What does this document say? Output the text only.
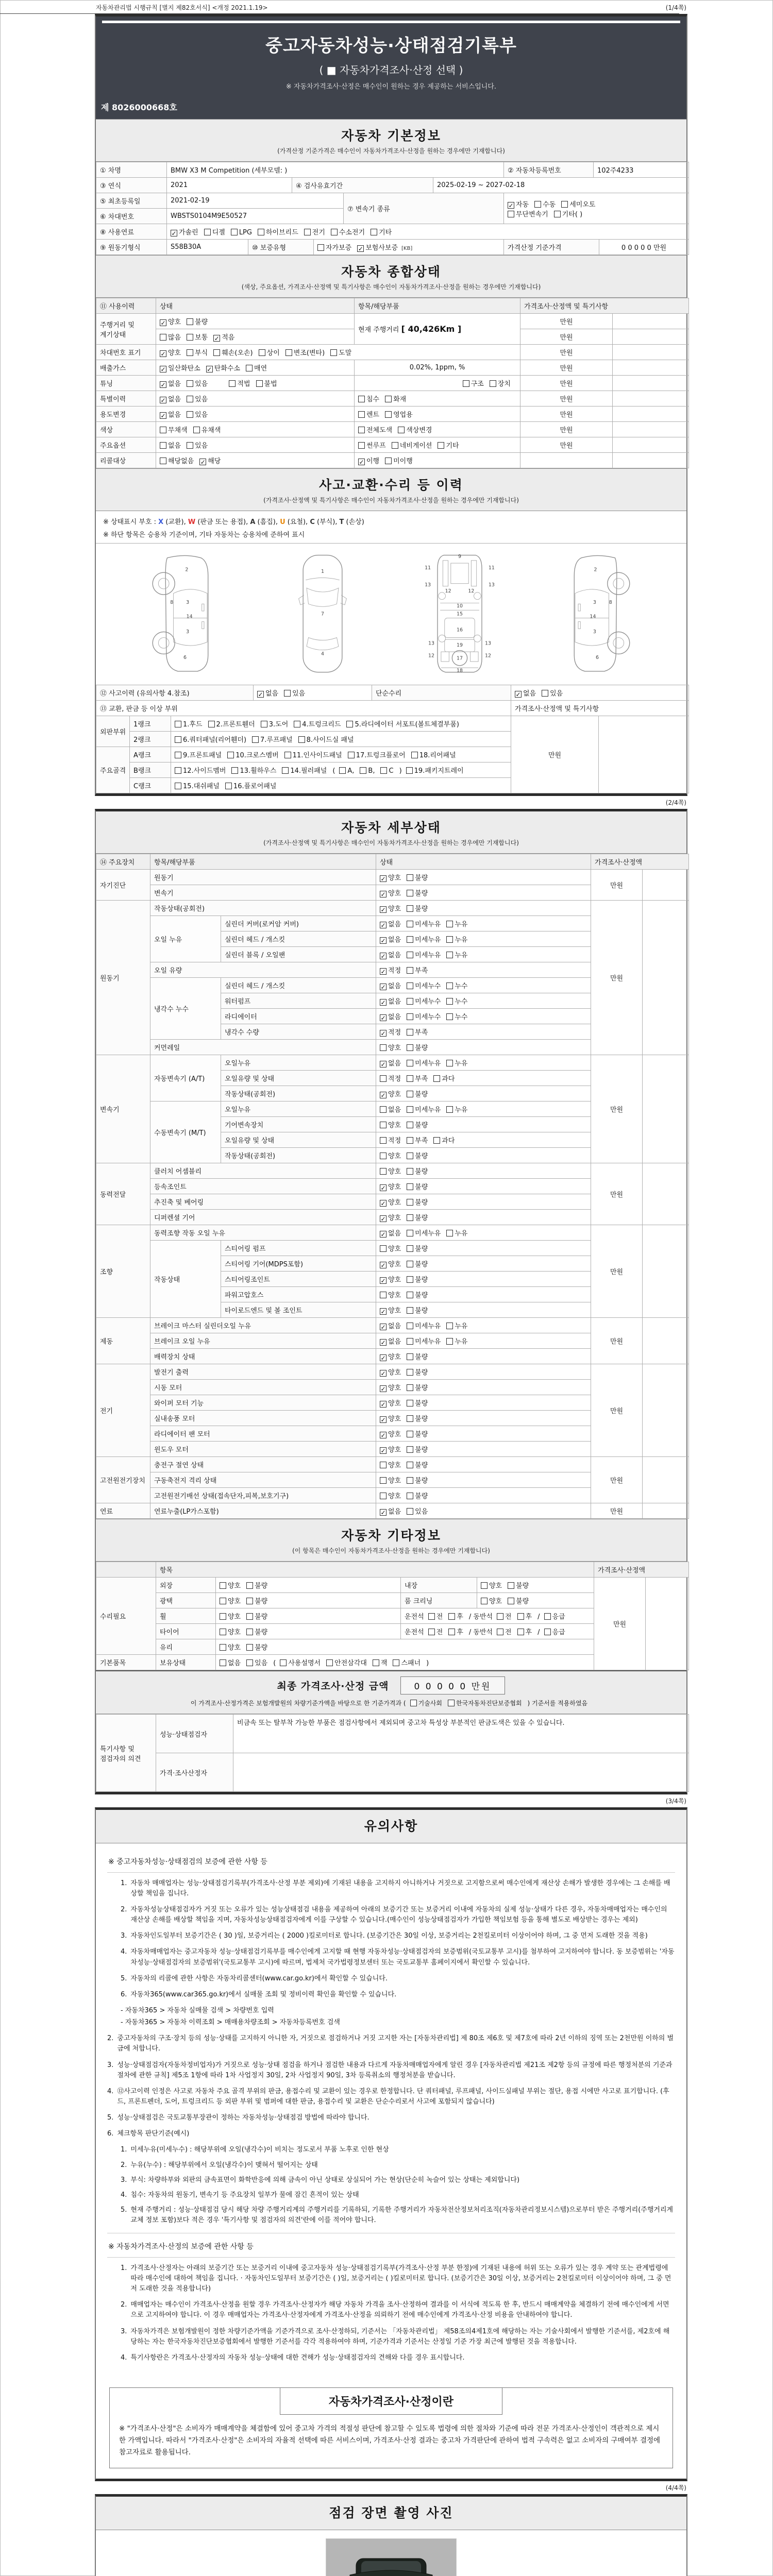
자동차관리법 시행규칙 [별지 제82호서식] <개정 2021.1.19>	(1/4쪽)
중고자동차성능·상태점검기록부
( ■ 자동차가격조사·산정 선택 )
※ 자동차가격조사·산정은 매수인이 원하는 경우 제공하는 서비스입니다.
제 8026000668호
자동차 기본정보
(가격산정 기준가격은 매수인이 자동차가격조사·산정을 원하는 경우에만 기재합니다)
① 차명	BMW X3 M Competition (세부모델: )	② 자동차등록번호	102주4233
③ 연식	2021	④ 검사유효기간	2025-02-19 ~ 2027-02-18
⑤ 최초등록일	2021-02-19	⑦ 변속기 종류	
✓자동 수동 세미오토
무단변속기 기타( )

⑥ 차대번호	WBSTS0104M9E50527		
⑧ 사용연료	✓가솔린 디젤 LPG 하이브리드 전기 수소전기 기타
⑨ 원동기형식	S58B30A	⑩ 보증유형	자가보증 ✓ 보험사보증 [KB]	가격산정 기준가격	0 0 0 0 0 만원
자동차 종합상태
(색상, 주요옵션, 가격조사·산정액 및 특기사항은 매수인이 자동차가격조사·산정을 원하는 경우에만 기재합니다)
⑪ 사용이력	상태	항목/해당부품	가격조사·산정액 및 특기사항	
주행거리 및 계기상태	✓양호 불량	현재 주행거리 [ 40,426Km ]	만원	
	많음 보통 ✓ 적음		만원	
차대번호 표기	✓양호 부식 훼손(오손) 상이 변조(변타) 도말		만원	
배출가스	✓일산화탄소 ✓ 탄화수소 매연	0.02%, 1ppm, %	만원	
튜닝	✓없음 있음 적법 불법	구조 장치	만원	
특별이력	✓없음 있음	침수 화재	만원	
용도변경	✓없음 있음	렌트 영업용	만원	
색상	무채색 유채색	전체도색 색상변경	만원	
주요옵션	없음 있음	썬루프 네비게이션 기타	만원	
리콜대상	해당없음 ✓ 해당	✓이행 미이행		
사고·교환·수리 등 이력
(가격조사·산정액 및 특기사항은 매수인이 자동차가격조사·산정을 원하는 경우에만 기재합니다)
※ 상태표시 부호 : X (교환), W (판금 또는 용접), A (흠집), U (요철), C (부식), T (손상)
※ 하단 항목은 승용차 기준이며, 기타 자동차는 승용차에 준하여 표시
2
8 3
14
3
6
1
7
4
9
11	11
13	13
12	12
10
15
16
19
13	13
12	12
17
18
2
8
3
14
3
6
⑫ 사고이력 (유의사항 4.참조)	✓없음 있음	단순수리	✓없음 있음
⑬ 교환, 판금 등 이상 부위			가격조사·산정액 및 특기사항	
외판부위	1랭크	1.후드 2.프론트휀더 3.도어 4.트렁크리드 5.라디에이터 서포트(볼트체결부품)	만원	
	2랭크	6.쿼터패널(리어휀더) 7.루프패널 8.사이드실 패널		
주요골격	A랭크	9.프론트패널 10.크로스멤버 11.인사이드패널 17.트렁크플로어 18.리어패널		
	B랭크	12.사이드멤버 13.휠하우스 14.필러패널 ( A, B, C ) 19.패키지트레이		
	C랭크	15.대쉬패널 16.플로어패널		
(2/4쪽)
자동차 세부상태
(가격조사·산정액 및 특기사항은 매수인이 자동차가격조사·산정을 원하는 경우에만 기재합니다)
⑭ 주요장치	항목/해당부품		상태	가격조사·산정액	
자기진단	원동기	✓양호 불량	만원	
	변속기	✓양호 불량
원동기	작동상태(공회전)	✓양호 불량	만원	
	오일 누유	실린더 커버(로커암 커버)	✓없음 미세누유 누유
		실린더 헤드 / 개스킷	✓없음 미세누유 누유
		실린더 블록 / 오일팬	✓없음 미세누유 누유
	오일 유량	✓적정 부족
	냉각수 누수	실린더 헤드 / 개스킷	✓없음 미세누수 누수
		워터펌프	✓없음 미세누수 누수
		라디에이터	✓없음 미세누수 누수
		냉각수 수량	✓적정 부족
	커먼레일		양호 불량		
변속기	자동변속기 (A/T)	오일누유	✓없음 미세누유 누유	만원	
		오일유량 및 상태	적정 부족 과다		
		작동상태(공회전)	✓양호 불량
	수동변속기 (M/T)	오일누유	없음 미세누유 누유		
		기어변속장치	양호 불량		
		오일유량 및 상태	적정 부족 과다		
		작동상태(공회전)	양호 불량		
동력전달	클러치 어셈블리		양호 불량	만원	
	등속조인트	✓양호 불량
	추진축 및 베어링	✓양호 불량
	디퍼렌셜 기어	✓양호 불량
조향	동력조향 작동 오일 누유	✓없음 미세누유 누유	만원	
	작동상태	스티어링 펌프	양호 불량		
		스티어링 기어(MDPS포함)	✓양호 불량
		스티어링조인트	✓양호 불량
		파워고압호스	양호 불량		
		타이로드엔드 및 볼 조인트	✓양호 불량
제동	브레이크 마스터 실린더오일 누유	✓없음 미세누유 누유	만원	
	브레이크 오일 누유	✓없음 미세누유 누유
	배력장치 상태	✓양호 불량
전기	발전기 출력	✓양호 불량	만원	
	시동 모터	✓양호 불량
	와이퍼 모터 기능	✓양호 불량
	실내송풍 모터	✓양호 불량
	라디에이터 팬 모터	✓양호 불량
	윈도우 모터	✓양호 불량
고전원전기장치	충전구 절연 상태		양호 불량	만원	
	구동축전지 격리 상태		양호 불량		
	고전원전기배선 상태(접속단자,피복,보호기구)		양호 불량		
연료	연료누출(LP가스포함)	✓없음 있음	만원	
자동차 기타정보
(이 항목은 매수인이 자동차가격조사·산정을 원하는 경우에만 기재합니다)
	항목				가격조사·산정액	
수리필요	외장	양호 불량	내장	양호 불량	만원	
	광택	양호 불량	룸 크리닝	양호 불량		
	휠	양호 불량	운전석 전 후 / 동반석 전 후 / 응급			
	타이어	양호 불량	운전석 전 후 / 동반석 전 후 / 응급			
	유리	양호 불량				
기본품목	보유상태	없음 있음 ( 사용설명서 안전삼각대 잭 스패너 )				
최종 가격조사·산정 금액	0 0 0 0 0 만원
이 가격조사·산정가격은 보험개발원의 차량기준가액을 바탕으로 한 기준가격과 ( 기술사회 한국자동차진단보증협회 ) 기준서를 적용하였음
특기사항 및 점검자의 의견	성능·상태점검자	비금속 또는 탈부착 가능한 부품은 점검사항에서 제외되며 중고차 특성상 부분적인 판금도색은 있을 수 있습니다.
	가격·조사산정자	
(3/4쪽)
유의사항
※ 중고자동차성능·상태점검의 보증에 관한 사항 등
1. 자동차 매매업자는 성능·상태점검기록부(가격조사·산정 부분 제외)에 기재된 내용을 고지하지 아니하거나 거짓으로 고지함으로써 매수인에게 재산상 손해가 발생한 경우에는 그 손해를 배상할 책임을 집니다.
2. 자동차성능상태점검자가 거짓 또는 오류가 있는 성능상태점검 내용을 제공하여 아래의 보증기간 또는 보증거리 이내에 자동차의 실제 성능·상태가 다른 경우, 자동차매매업자는 매수인의 재산상 손해를 배상할 책임을 지며, 자동차성능상태점검자에게 이를 구상할 수 있습니다.(매수인이 성능상태점검자가 가입한 책임보험 등을 통해 별도로 배상받는 경우는 제외)
3. 자동차인도일부터 보증기간은 ( 30 )일, 보증거리는 ( 2000 )킬로미터로 합니다. (보증기간은 30일 이상, 보증거리는 2천킬로미터 이상이어야 하며, 그 중 먼저 도래한 것을 적용)
4. 자동차매매업자는 중고자동차 성능·상태점검기록부를 매수인에게 고지할 때 현행 자동차성능·상태점검자의 보증범위(국토교통부 고시)를 첨부하여 고지하여야 합니다. 동 보증범위는 '자동차성능·상태점검자의 보증범위'(국토교통부 고시)에 따르며, 법제처 국가법령정보센터 또는 국토교통부 홈페이지에서 확인할 수 있습니다.
5. 자동차의 리콜에 관한 사항은 자동차리콜센터(www.car.go.kr)에서 확인할 수 있습니다.
6. 자동차365(www.car365.go.kr)에서 실매물 조회 및 정비이력 확인을 확인할 수 있습니다.
- 자동차365 > 자동차 실매물 검색 > 차량번호 입력
- 자동차365 > 자동차 이력조회 > 매매용차량조회 > 자동차등록번호 검색
2. 중고자동차의 구조·장치 등의 성능·상태를 고지하지 아니한 자, 거짓으로 점검하거나 거짓 고지한 자는 [자동차관리법] 제 80조 제6호 및 제7호에 따라 2년 이하의 징역 또는 2천만원 이하의 벌금에 처합니다.
3. 성능·상태점검자(자동차정비업자)가 거짓으로 성능·상태 점검을 하거나 점검한 내용과 다르게 자동차매매업자에게 알린 경우 [자동차관리법 제21조 제2항 등의 규정에 따른 행정처분의 기준과 절차에 관한 규칙] 제5조 1항에 따라 1차 사업정지 30일, 2차 사업정지 90일, 3차 등록취소의 행정처분을 받습니다.
4. ⑫사고이력 인정은 사고로 자동차 주요 골격 부위의 판금, 용접수리 및 교환이 있는 경우로 한정합니다. 단 쿼터패널, 루프패널, 사이드실패널 부위는 절단, 용접 시에만 사고로 표기합니다. (후드, 프론트펜더, 도어, 트렁크리드 등 외판 부위 및 범퍼에 대한 판금, 용접수리 및 교환은 단순수리로서 사고에 포함되지 않습니다)
5. 성능·상태점검은 국토교통부장관이 정하는 자동차성능·상태점검 방법에 따라야 합니다.
6. 체크항목 판단기준(예시)
1. 미세누유(미세누수) : 해당부위에 오일(냉각수)이 비치는 정도로서 부품 노후로 인한 현상
2. 누유(누수) : 해당부위에서 오일(냉각수)이 맺혀서 떨어지는 상태
3. 부식: 차량하부와 외판의 금속표면이 화학반응에 의해 금속이 아닌 상태로 상실되어 가는 현상(단순히 녹슬어 있는 상태는 제외합니다)
4. 침수: 자동차의 원동기, 변속기 등 주요장치 일부가 물에 잠긴 흔적이 있는 상태
5. 현재 주행거리 : 성능·상태점검 당시 해당 차량 주행거리계의 주행거리를 기록하되, 기록한 주행거리가 자동차전산정보처리조직(자동차관리정보시스템)으로부터 받은 주행거리(주행거리계 교체 정보 포함)보다 적은 경우 '특기사항 및 점검자의 의견'란에 이를 적어야 합니다.
※ 자동차가격조사·산정의 보증에 관한 사항 등
1. 가격조사·산정자는 아래의 보증기간 또는 보증거리 이내에 중고자동차 성능·상태점검기록부(가격조사·산정 부분 한정)에 기재된 내용에 허위 또는 오류가 있는 경우 계약 또는 관계법령에 따라 매수인에 대하여 책임을 집니다. · 자동차인도일부터 보증기간은 ( )일, 보증거리는 ( )킬로미터로 합니다. (보증기간은 30일 이상, 보증거리는 2천킬로미터 이상이어야 하며, 그 중 먼저 도래한 것을 적용합니다)
2. 매매업자는 매수인이 가격조사·산정을 원할 경우 가격조사·산정자가 해당 자동차 가격을 조사·산정하여 결과를 이 서식에 적도록 한 후, 반드시 매매계약을 체결하기 전에 매수인에게 서면으로 고지하여야 합니다. 이 경우 매매업자는 가격조사·산정자에게 가격조사·산정을 의뢰하기 전에 매수인에게 가격조사·산정 비용을 안내하여야 합니다.
3. 자동차가격은 보험개발원이 정한 차량기준가액을 기준가격으로 조사·산정하되, 기준서는 「자동차관리법」 제58조의4제1호에 해당하는 자는 기술사회에서 발행한 기준서를, 제2호에 해당하는 자는 한국자동차진단보증협회에서 발행한 기준서를 각각 적용하여야 하며, 기준가격과 기준서는 산정일 기준 가장 최근에 발행된 것을 적용합니다.
4. 특기사항란은 가격조사·산정자의 자동차 성능·상태에 대한 견해가 성능·상태점검자의 견해와 다를 경우 표시합니다.
자동차가격조사·산정이란
※ "가격조사·산정"은 소비자가 매매계약을 체결함에 있어 중고차 가격의 적절성 판단에 참고할 수 있도록 법령에 의한 절차와 기준에 따라 전문 가격조사·산정인이 객관적으로 제시한 가액입니다. 따라서 "가격조사·산정"은 소비자의 자율적 선택에 따른 서비스이며, 가격조사·산정 결과는 중고차 가격판단에 관하여 법적 구속력은 없고 소비자의 구매여부 결정에 참고자료로 활용됩니다.
(4/4쪽)
점검 장면 촬영 사진
